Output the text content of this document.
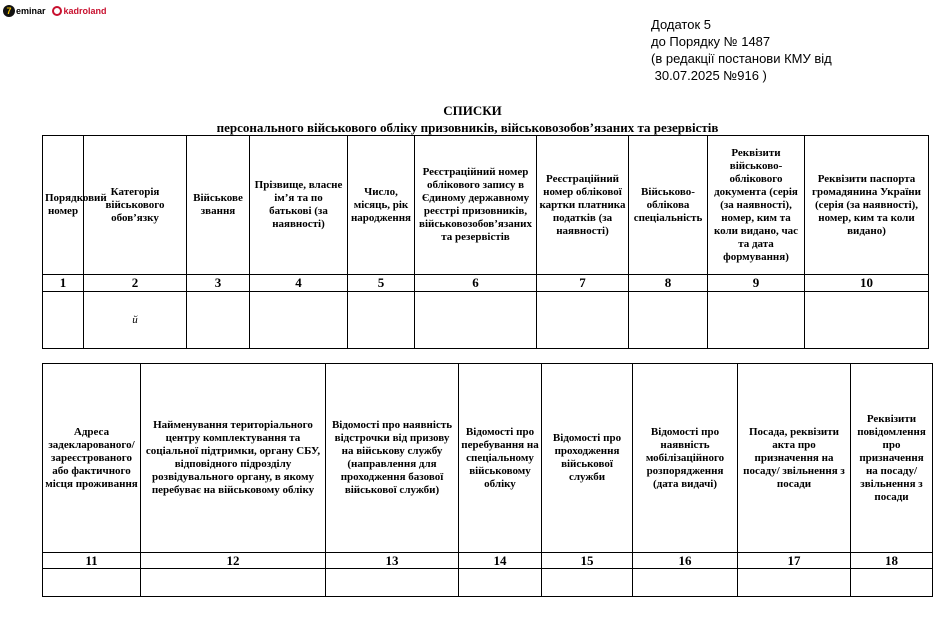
7 eminar kadroland
Додаток 5
до Порядку № 1487
(в редакції постанови КМУ від
30.07.2025 №916 )
СПИСКИ
персонального військового обліку призовників, військовозобов’язаних та резервістів
Порядковий номер	Категорія військового обов’язку	Військове звання	Прізвище, власне ім’я та по батькові (за наявності)	Число, місяць, рік народження	Реєстраційний номер облікового запису в Єдиному державному реєстрі призовників, військовозобов’язаних та резервістів	Реєстраційний номер облікової картки платника податків (за наявності)	Військово-облікова спеціальність	Реквізити військово-облікового документа (серія (за наявності), номер, ким та коли видано, час та дата формування)	Реквізити паспорта громадянина України (серія (за наявності), номер, ким та коли видано)
1	2	3	4	5	6	7	8	9	10
	й								
Адреса задекларованого/ зареєстрованого або фактичного місця проживання	Найменування територіального центру комплектування та соціальної підтримки, органу СБУ, відповідного підрозділу розвідувального органу, в якому перебуває на військовому обліку	Відомості про наявність відстрочки від призову на військову службу (направлення для проходження базової військової служби)	Відомості про перебування на спеціальному військовому обліку	Відомості про проходження військової служби	Відомості про наявність мобілізаційного розпорядження (дата видачі)	Посада, реквізити акта про призначення на посаду/ звільнення з посади	Реквізити повідомлення про призначення на посаду/ звільнення з посади
11	12	13	14	15	16	17	18
